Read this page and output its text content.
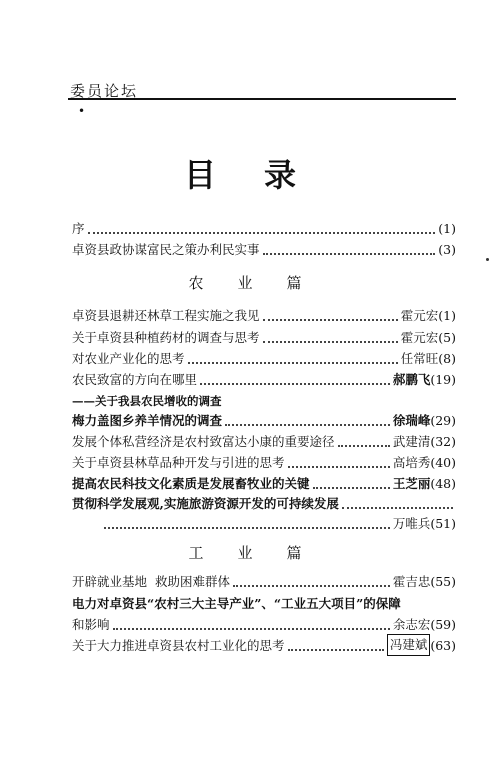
委员论坛
•
目录
序	(1)
卓资县政协谋富民之策办利民实事	(3)
农业篇
卓资县退耕还林草工程实施之我见	霍元宏 (1)
关于卓资县种植药材的调查与思考	霍元宏 (5)
对农业产业化的思考	任常旺 (8)
农民致富的方向在哪里	郝鹏飞 (19)
——关于我县农民增收的调查
梅力盖图乡养羊情况的调查	徐瑞峰 (29)
发展个体私营经济是农村致富达小康的重要途径	武建清 (32)
关于卓资县林草品种开发与引进的思考	高培秀 (40)
提高农民科技文化素质是发展畜牧业的关键	王芝丽 (48)
贯彻科学发展观,实施旅游资源开发的可持续发展
万唯兵 (51)
工业篇
开辟就业基地  救助困难群体	霍吉忠 (55)
电力对卓资县“农村三大主导产业”、“工业五大项目”的保障
和影响	余志宏 (59)
关于大力推进卓资县农村工业化的思考	冯建斌 (63)
